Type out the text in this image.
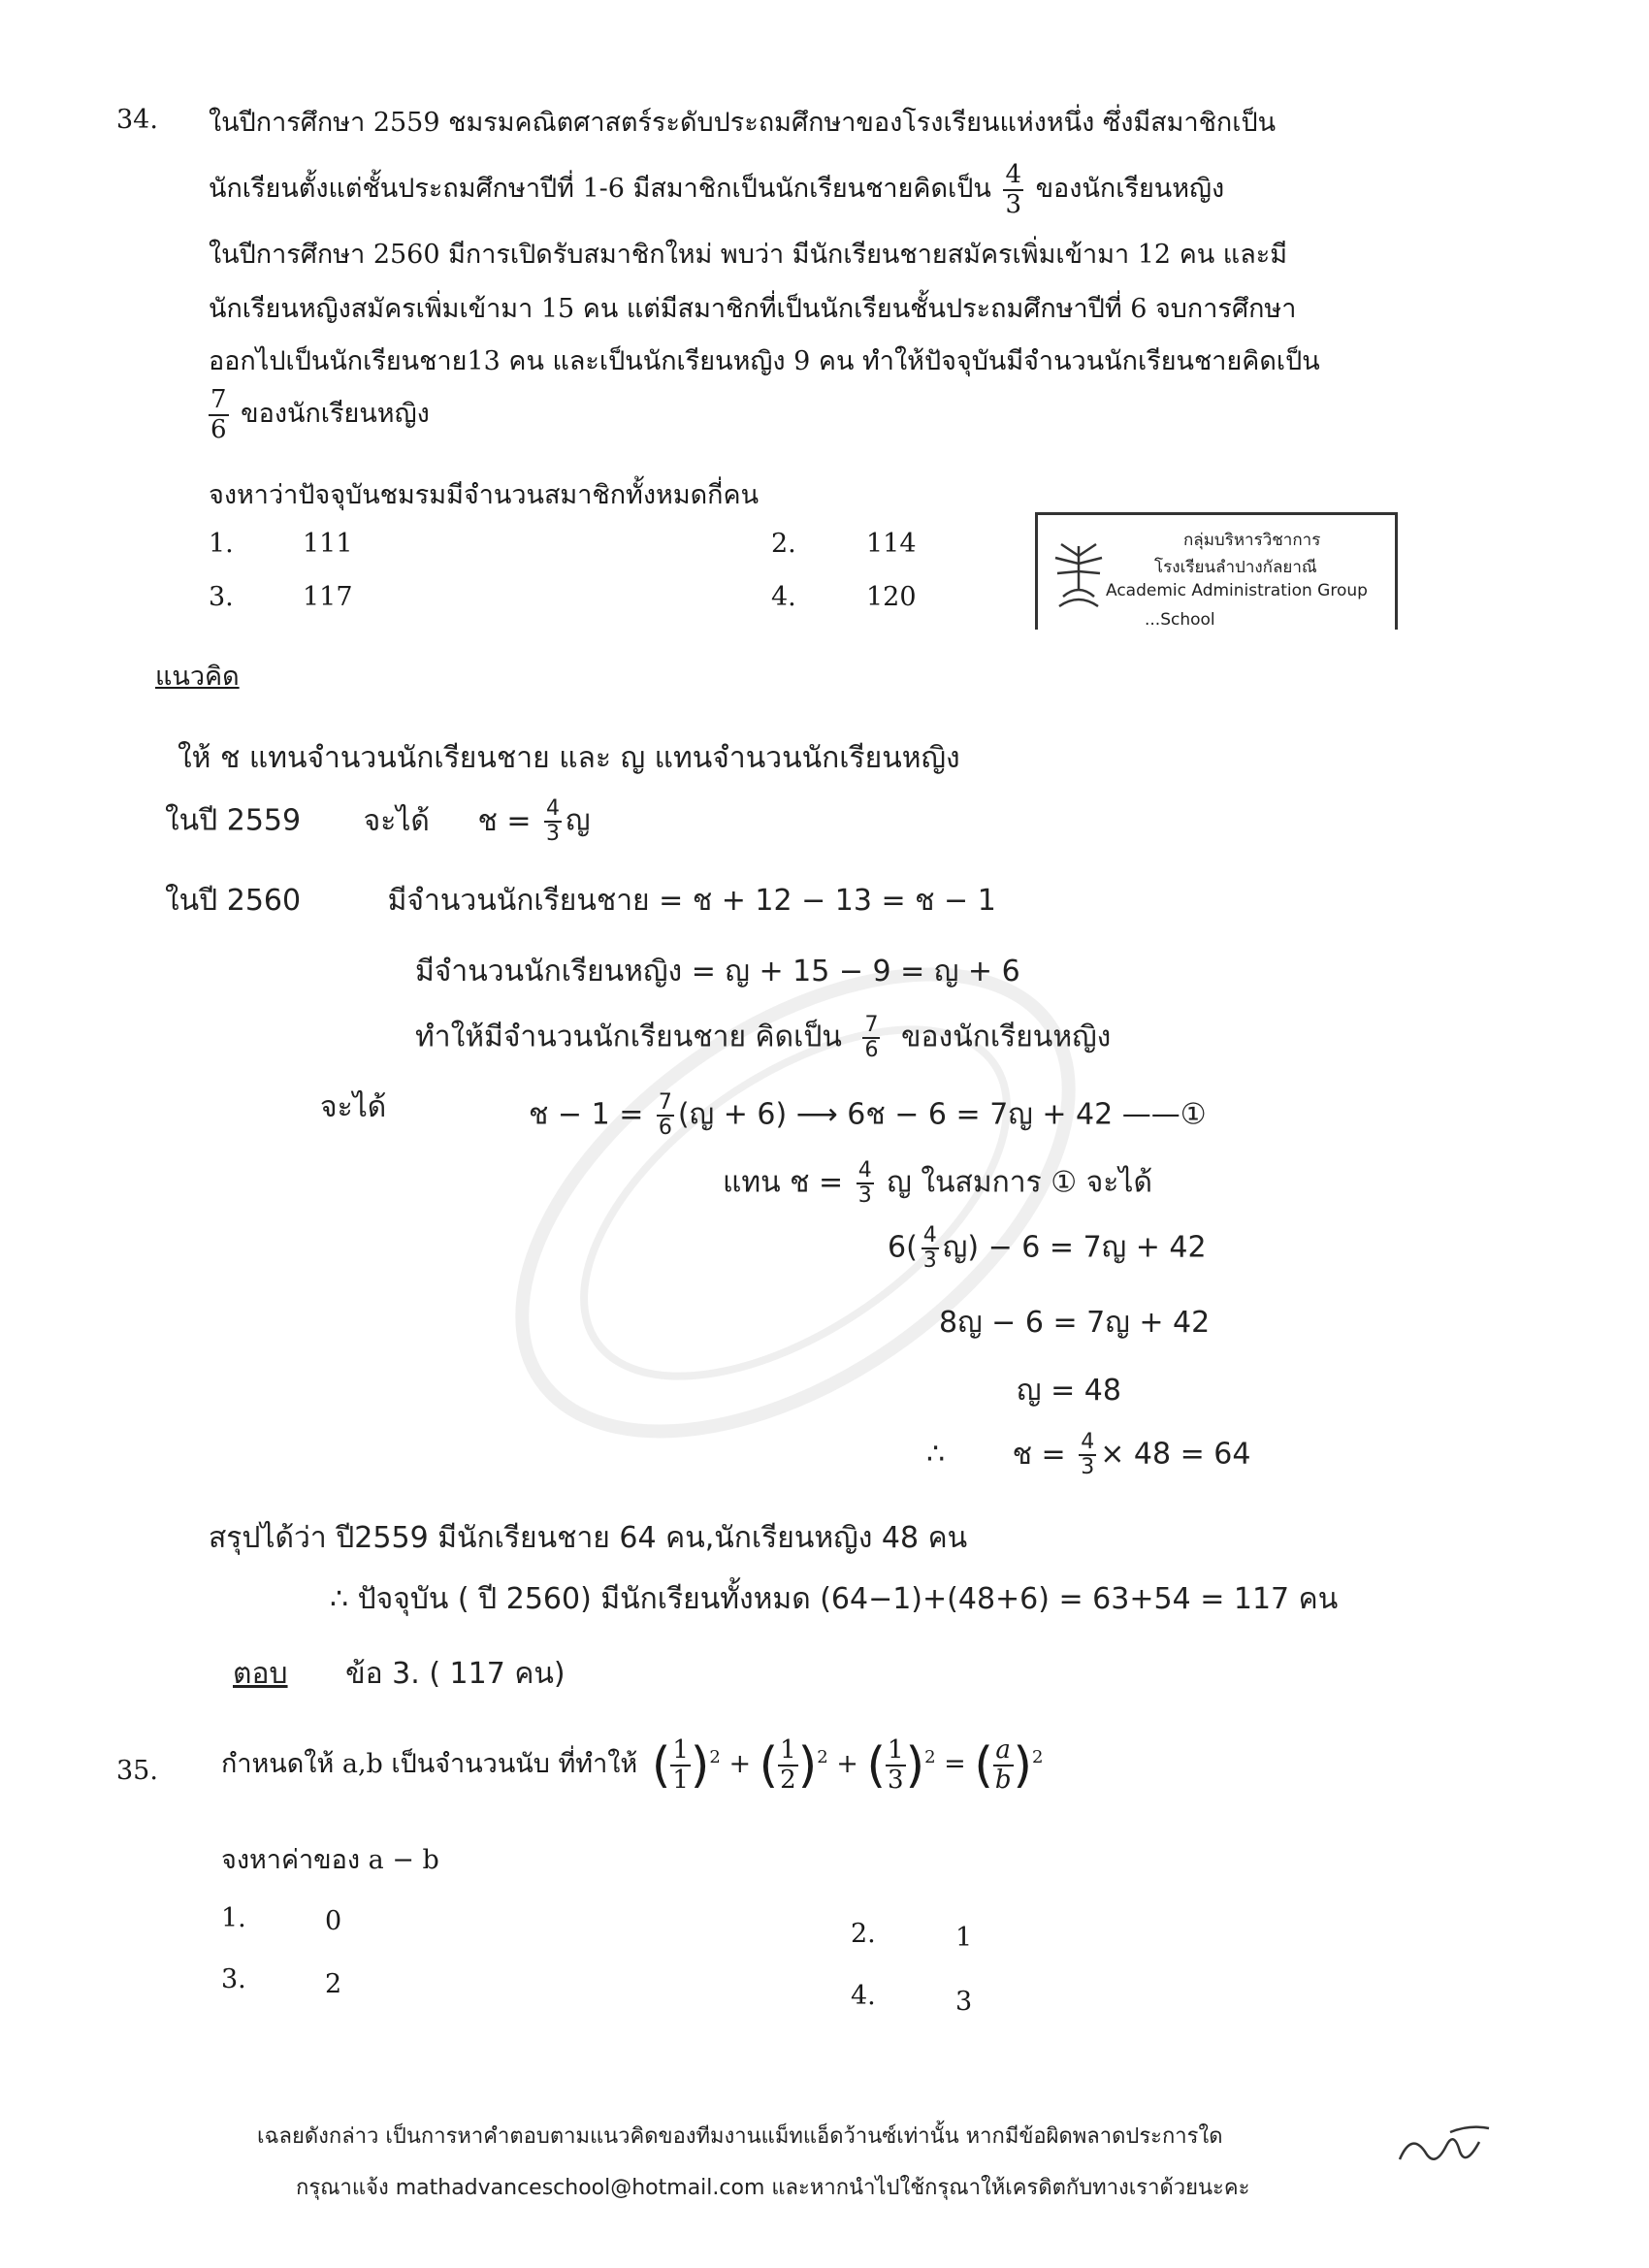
34. ในปีการศึกษา 2559 ชมรมคณิตศาสตร์ระดับประถมศึกษาของโรงเรียนแห่งหนึ่ง ซึ่งมีสมาชิกเป็น
นักเรียนตั้งแต่ชั้นประถมศึกษาปีที่ 1-6 มีสมาชิกเป็นนักเรียนชายคิดเป็น $\frac{4}{3}$ ของนักเรียนหญิง
ในปีการศึกษา 2560 มีการเปิดรับสมาชิกใหม่ พบว่า มีนักเรียนชายสมัครเพิ่มเข้ามา 12 คน และมี
นักเรียนหญิงสมัครเพิ่มเข้ามา 15 คน แต่มีสมาชิกที่เป็นนักเรียนชั้นประถมศึกษาปีที่ 6 จบการศึกษา
ออกไปเป็นนักเรียนชาย13 คน และเป็นนักเรียนหญิง 9 คน ทำให้ปัจจุบันมีจำนวนนักเรียนชายคิดเป็น
$\frac{7}{6}$ ของนักเรียนหญิง
จงหาว่าปัจจุบันชมรมมีจำนวนสมาชิกทั้งหมดกี่คน
1.	111	2.	114
3.	117	4.	120
กลุ่มบริหารวิชาการ
โรงเรียนลำปางกัลยาณี
Academic Administration Group
...School
แนวคิด
ให้ ช แทนจำนวนนักเรียนชาย และ ญ แทนจำนวนนักเรียนหญิง
ในปี 2559 จะได้ ช = $\frac{4}{3}$ ญ
ในปี 2560	มีจำนวนนักเรียนชาย = ช + 12 − 13 = ช − 1
มีจำนวนนักเรียนหญิง = ญ + 15 − 9 = ญ + 6
ทำให้มีจำนวนนักเรียนชาย คิดเป็น $\frac{7}{6}$ ของนักเรียนหญิง
จะได้	ช − $1 = \frac{7}{6}$ (ญ + 6) ⟶ 6ช − 6 = 7ญ + 42 ——①
แทน ช = $\frac{4}{3}$ ญ ในสมการ ① จะได้
$6( \frac{4}{3}$ ญ) − 6 = 7ญ + 42
8ญ − 6 = 7ญ + 42
ญ = 48
∴ ช = $\frac{4}{3} \times 48 = 64$
สรุปได้ว่า ปี2559 มีนักเรียนชาย 64 คน,นักเรียนหญิง 48 คน
∴ ปัจจุบัน ( ปี 2560) มีนักเรียนทั้งหมด (64−1)+(48+6) = 63+54 = 117 คน
ตอบ ข้อ 3. ( 117 คน)
35. กำหนดให้ a,b เป็นจำนวนนับ ที่ทำให้ ( $\frac{1}{1} )^2$ + ( $\frac{1}{2} )^2$ + ( $\frac{1}{3} )^2$ = ( $\frac{a}{b} )^2$
จงหาค่าของ a − b
1.	0	2.	1
3.	2	4.	3
เฉลยดังกล่าว เป็นการหาคำตอบตามแนวคิดของทีมงานแม็ทแอ็ดว้านซ์เท่านั้น หากมีข้อผิดพลาดประการใด
กรุณาแจ้ง mathadvanceschool@hotmail.com และหากนำไปใช้กรุณาให้เครดิตกับทางเราด้วยนะคะ
